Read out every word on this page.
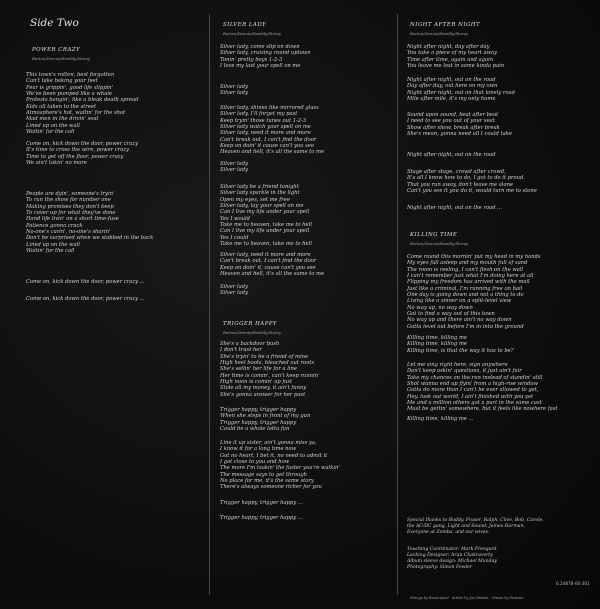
Side Two
POWER CRAZY
Burton/Dennis/Hambly/Storey
This town's rotten, best forgotten
Can't take baking your feet
Fear is grippin', good life slippin'
We've been pumped like a whale
Protests bangin', like a bleak death spread
Kids all taken to the street
Atmosphere's hot, waitin' for the shot
Mad men in the drivin' seat
Lined up on the wall
Waitin' for the call
Come on, kick down the door, power crazy
It's time to cross the wire, power crazy
Time to get off the floor, power crazy
We ain't takin' no more
People are dyin', someone's tryin'
To run the show for number one
Making promises they don't keep
To cover up for what they've done
Hand life livin' on a short time-fuse
Patience gonna crack
No-one's carin', no-one's sharin'
Don't be surprised when we stabbed in the back
Lined up on the wall
Waitin' for the call
Come on, kick down the door, power crazy ...
Come on, kick down the door, power crazy ...
SILVER LADY
Burton/Dennis/Hambly/Storey
Silver lady, come slip on down
Silver lady, cruising round uptown
Tonin' pretty boys 1-2-3
I love my last your spell on me
Silver lady
Silver lady
Silver lady, shines like mirrored glass
Silver lady, I'll forget my past
Keep tryin' those tunes out 1-2-3
Silver lady watch your spell on me
Silver lady, need it more and more
Can't break out, I can't find the door
Keep on doin' it cause can't you see
Heaven and hell, it's all the same to me
Silver lady
Silver lady
Silver lady be a friend tonight
Silver lady sparkle in the light
Open my eyes, set me free
Silver lady, lay your spell on me
Can I live my life under your spell
Yes I would
Take me to heaven, take me to hell
Can I live my life under your spell
Yes I could
Take me to heaven, take me to hell
Silver lady, need it more and more
Can't break out, I can't find the door
Keep on doin' it, cause can't you see
Heaven and hell, it's all the same to me
Silver lady
Silver lady
TRIGGER HAPPY
Burton/Dennis/Hambly/Storey
She's a backdoor bush
I don't trust her
She's tryin' to be a friend of mine
High heel boots, bleached out roots
She's sellin' her life for a line
Her time is comin', can't keep runnin'
High noon is comin' up fast
Stole all my money, it ain't funny
She's gonna answer for her past
Trigger happy, trigger happy
When she steps in front of my gun
Trigger happy, trigger happy
Could be a whole lotta fun
Line it up sister, ain't gonna miss ya,
I know it for a long time now
Got no heart, I bet it, no need to admit it
I got close to you and how
The more I'm lookin' the faster you're walkin'
The message says to get through
No place for me, it's the same story
There's always someone richer for you
Trigger happy, trigger happy ...
Trigger happy, trigger happy ...
NIGHT AFTER NIGHT
Burton/Dennis/Hambly/Storey
Night after night, day after day
You take a piece of my heart away
Time after time, again and again
You leave me lost in some kinda pain
Night after night, out on the road
Day after day, out here on my own
Night after night, out on that lonely road
Mile after mile, it's my only home
Sound upon sound, beat after beat
I need to see you out of your seat
Show after show, break after break
She's mean, gonna need all I could take
Night after night, out on the road
Stage after stage, crowd after crowd,
It's all I know how to do, I got to do it proud.
That you run away, don't leave me alone
Can't you see it you do it, would turn me to stone
Night after night, out on the road ...
KILLING TIME
Burton/Dennis/Hambly/Storey
Come round this mornin' put my head in my hands
My eyes fall asleep and my mouth full of sand
The room is reeling, I can't flesh on the wall
I can't remember just what I'm doing here at all
Flipping my freedom has arrived with the mail
Just like a criminal, I'm running free on bail
One day is going down and not a thing to do
Living like a sinner on a split-level view
No way up, no way down
Got to find a way out of this town
No way up and there ain't no way down
Gotta level out before I'm in into the ground
Killing time, killing me
Killing time, killing me
Killing time, is that the way it has to be?
Let me sing right here, sign anywhere
Don't keep askin' questions, it just ain't fair
Take my chances on the run instead of standin' still
Shot wanna end up flyin' from a high-rise window
Gotta do more than I can't be ever allowed to get,
Hey, look out world, I ain't finished with you yet
Me and a million others got a part in the same cast
Must be gettin' somewhere, but it feels like nowhere fast
Killing time, killing me ...
Special thanks to Buddy, Fraser, Ralph, Clive, Bob, Carole,
the AC/DC gang, Light and Sound, James Harman,
Everyone at Zomba, and our wives.
Touching Coordinator: Mark Freegard
Lacking Designer: Arun Chakraverty
Album sleeve design: Michael Munday
Photography: Simon Fowler
6.24878-00-301
Strings by Ravenwood · Artists by Joe Hamlet · Drawn by Parasite
